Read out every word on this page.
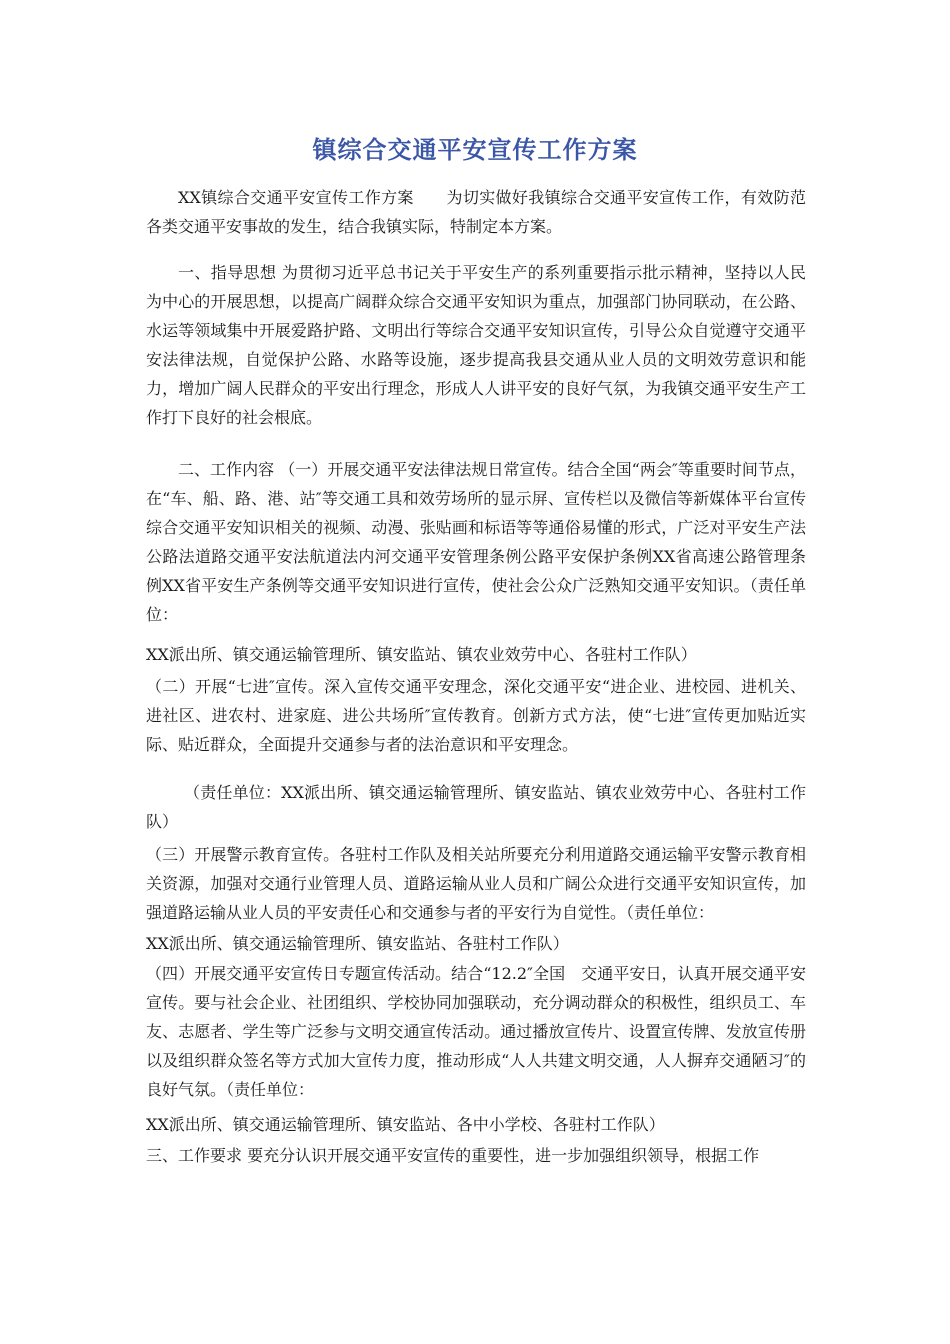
镇综合交通平安宣传工作方案

XX镇综合交通平安宣传工作方案　　为切实做好我镇综合交通平安宣传工作，有效防范各类交通平安事故的发生，结合我镇实际，特制定本方案。

一、指导思想 为贯彻习近平总书记关于平安生产的系列重要指示批示精神，坚持以人民为中心的开展思想，以提高广阔群众综合交通平安知识为重点，加强部门协同联动，在公路、水运等领域集中开展爱路护路、文明出行等综合交通平安知识宣传，引导公众自觉遵守交通平安法律法规，自觉保护公路、水路等设施，逐步提高我县交通从业人员的文明效劳意识和能力，增加广阔人民群众的平安出行理念，形成人人讲平安的良好气氛，为我镇交通平安生产工作打下良好的社会根底。

二、工作内容 （一）开展交通平安法律法规日常宣传。结合全国“两会″等重要时间节点，在“车、船、路、港、站″等交通工具和效劳场所的显示屏、宣传栏以及微信等新媒体平台宣传综合交通平安知识相关的视频、动漫、张贴画和标语等等通俗易懂的形式，广泛对平安生产法公路法道路交通平安法航道法内河交通平安管理条例公路平安保护条例XX省高速公路管理条例XX省平安生产条例等交通平安知识进行宣传，使社会公众广泛熟知交通平安知识。（责任单位：

XX派出所、镇交通运输管理所、镇安监站、镇农业效劳中心、各驻村工作队）

（二）开展“七进″宣传。深入宣传交通平安理念，深化交通平安“进企业、进校园、进机关、进社区、进农村、进家庭、进公共场所″宣传教育。创新方式方法，使“七进″宣传更加贴近实际、贴近群众，全面提升交通参与者的法治意识和平安理念。

（责任单位：XX派出所、镇交通运输管理所、镇安监站、镇农业效劳中心、各驻村工作队）

（三）开展警示教育宣传。各驻村工作队及相关站所要充分利用道路交通运输平安警示教育相关资源，加强对交通行业管理人员、道路运输从业人员和广阔公众进行交通平安知识宣传，加强道路运输从业人员的平安责任心和交通参与者的平安行为自觉性。（责任单位：

XX派出所、镇交通运输管理所、镇安监站、各驻村工作队）

（四）开展交通平安宣传日专题宣传活动。结合“12.2″全国　交通平安日，认真开展交通平安宣传。要与社会企业、社团组织、学校协同加强联动，充分调动群众的积极性，组织员工、车友、志愿者、学生等广泛参与文明交通宣传活动。通过播放宣传片、设置宣传牌、发放宣传册以及组织群众签名等方式加大宣传力度，推动形成“人人共建文明交通，人人摒弃交通陋习″的良好气氛。（责任单位：

XX派出所、镇交通运输管理所、镇安监站、各中小学校、各驻村工作队）

三、工作要求 要充分认识开展交通平安宣传的重要性，进一步加强组织领导，根据工作
